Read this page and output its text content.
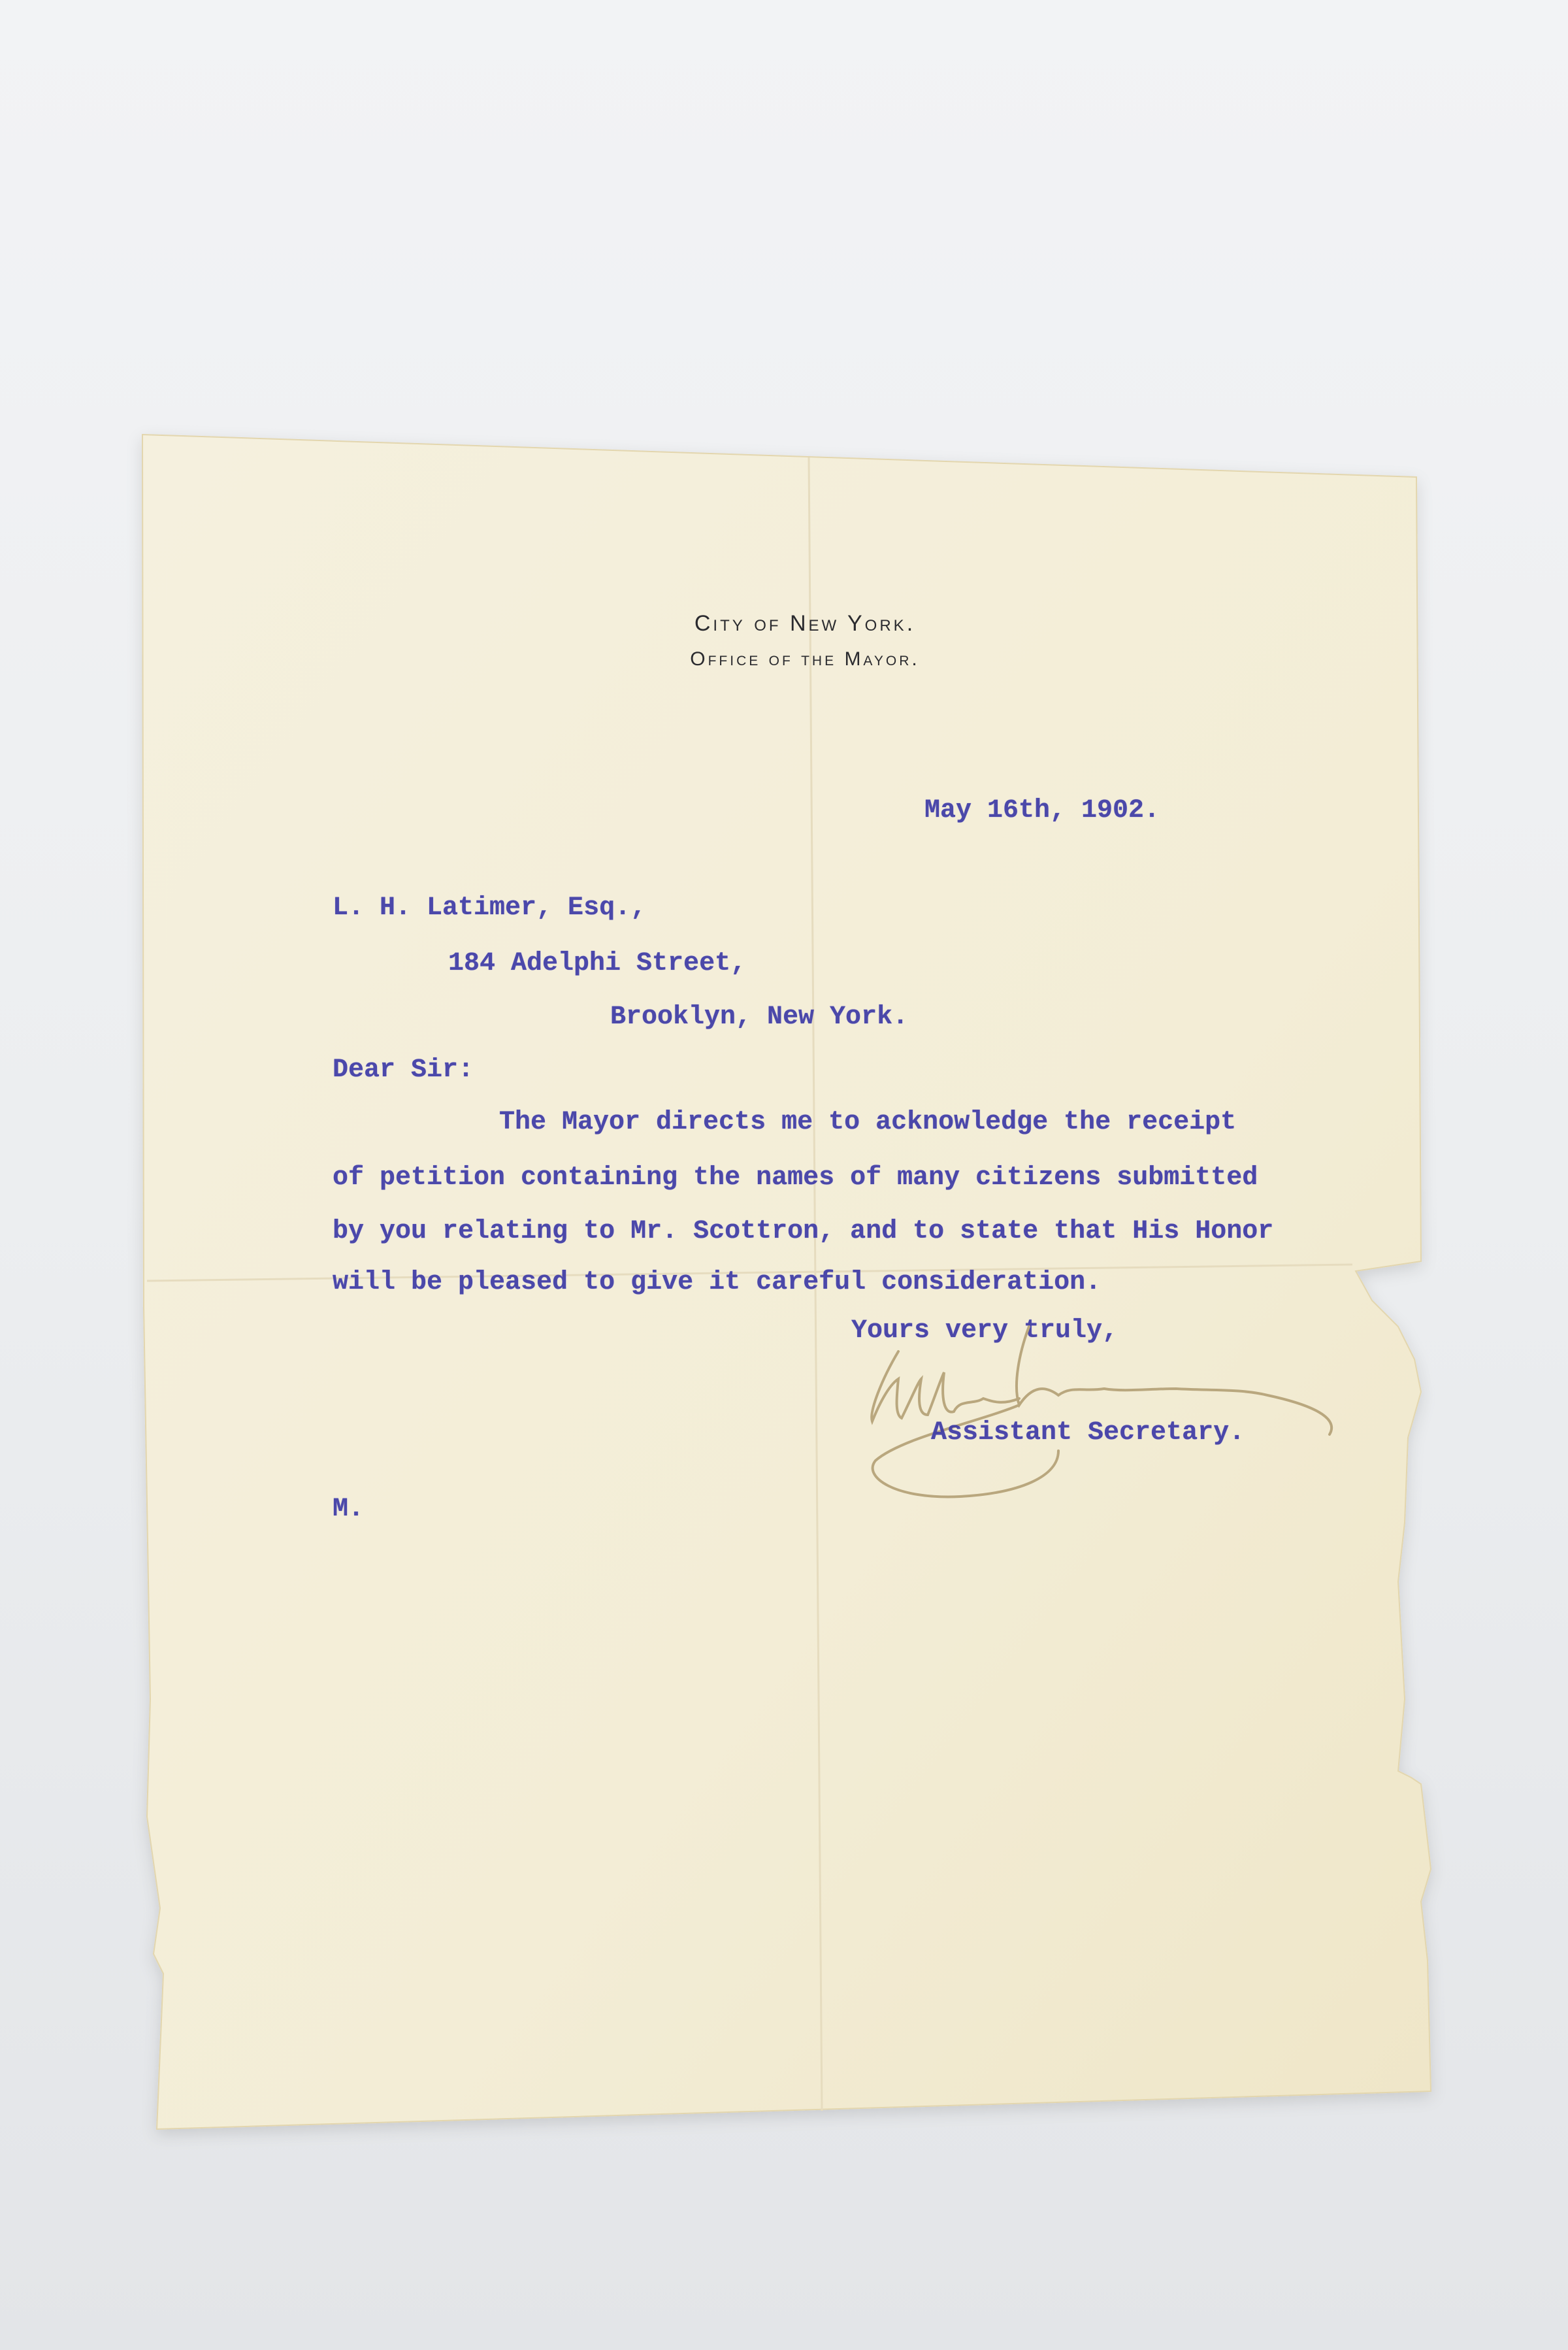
City of New York.
Office of the Mayor.
May 16th, 1902.
L. H. Latimer, Esq.,
184 Adelphi Street,
Brooklyn, New York.
Dear Sir:
The Mayor directs me to acknowledge the receipt
of petition containing the names of many citizens submitted
by you relating to Mr. Scottron, and to state that His Honor
will be pleased to give it careful consideration.
Yours very truly,
Assistant Secretary.
M.
